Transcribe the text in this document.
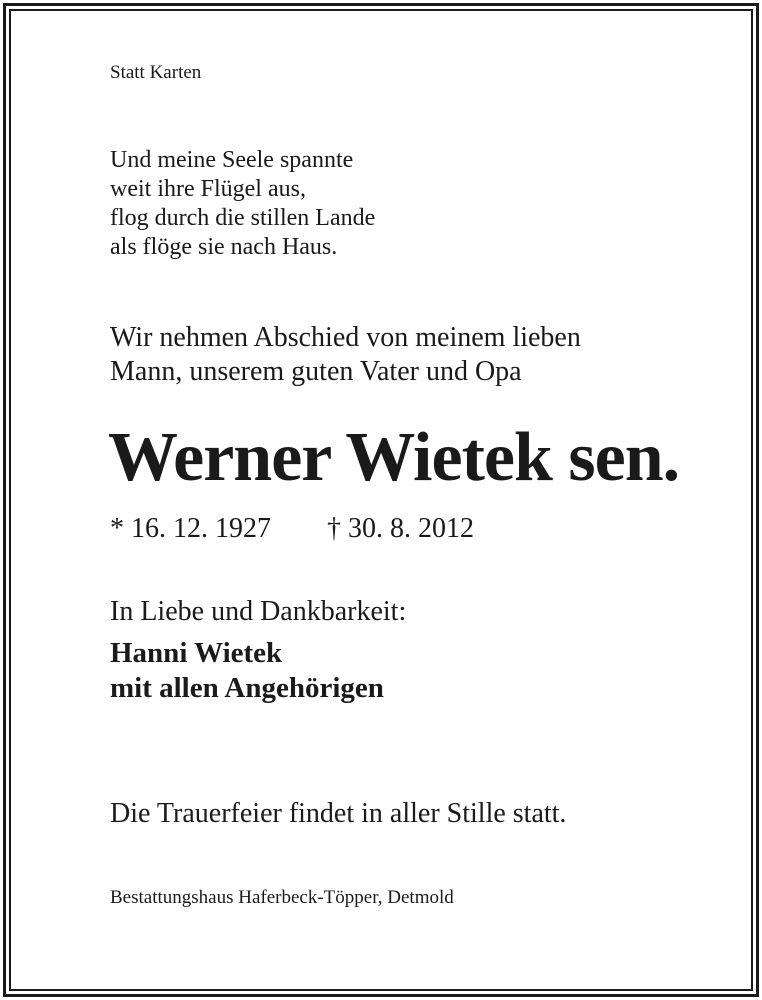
Statt Karten

Und meine Seele spannte

weit ihre Flügel aus,

flog durch die stillen Lande

als flöge sie nach Haus.

Wir nehmen Abschied von meinem lieben

Mann, unserem guten Vater und Opa

Werner Wietek sen.

* 16. 12. 1927 † 30. 8. 2012

In Liebe und Dankbarkeit:

Hanni Wietek

mit allen Angehörigen

Die Trauerfeier findet in aller Stille statt.

Bestattungshaus Haferbeck-Töpper, Detmold
